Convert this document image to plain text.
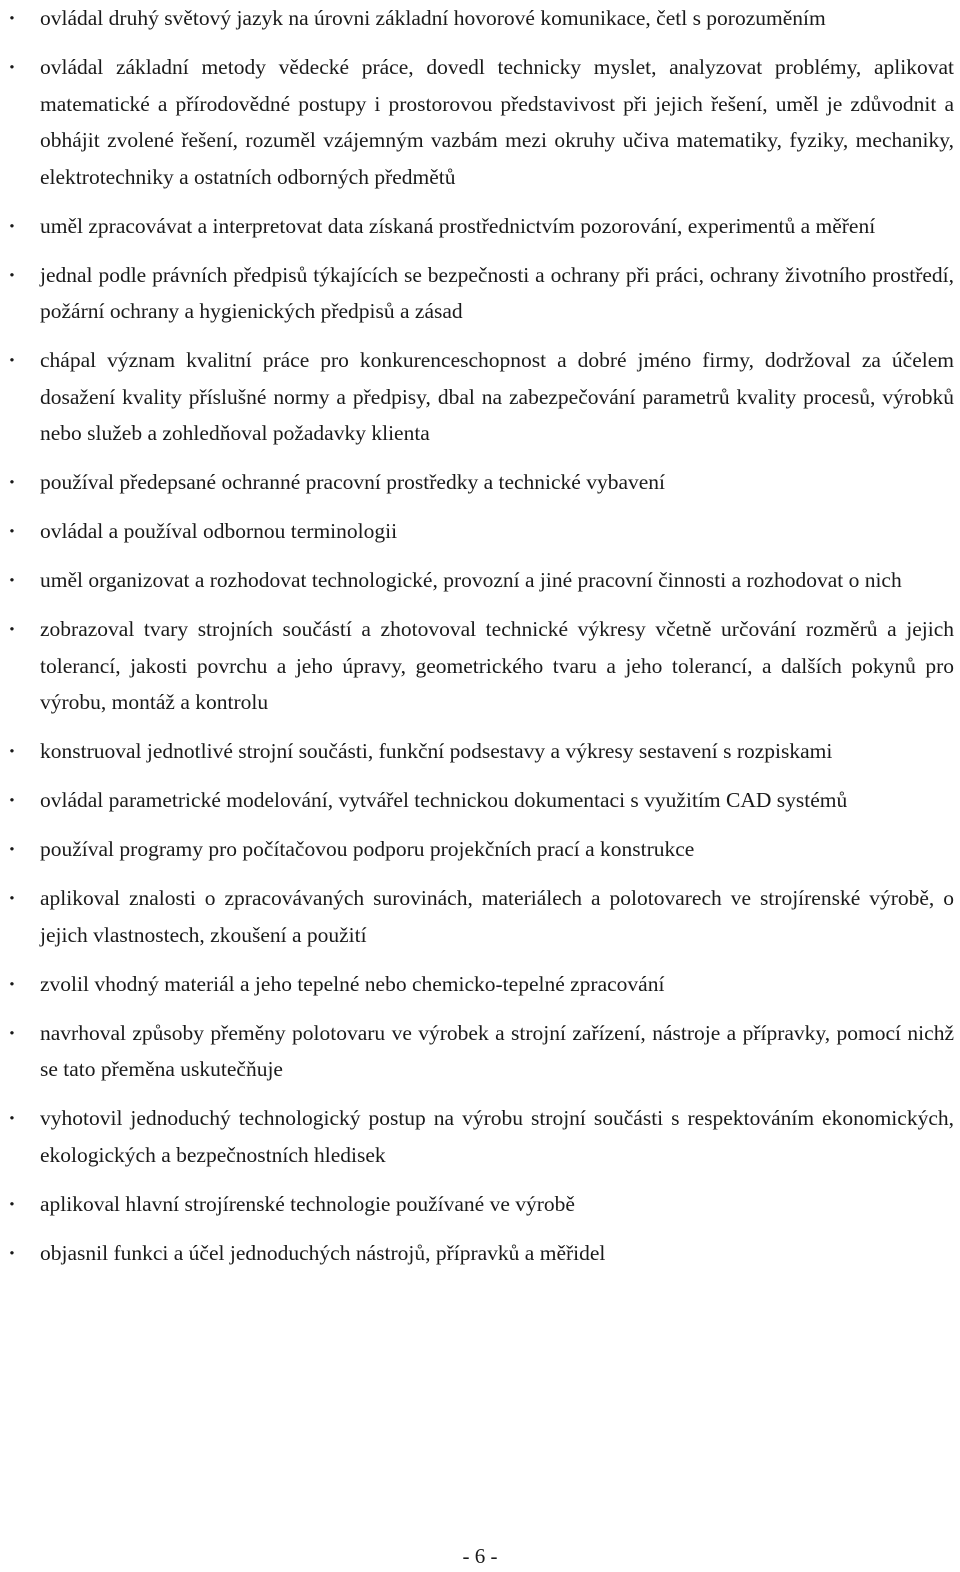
· ovládal druhý světový jazyk na úrovni základní hovorové komunikace, četl s porozuměním
· ovládal základní metody vědecké práce, dovedl technicky myslet, analyzovat problémy, aplikovat matematické a přírodovědné postupy i prostorovou představivost při jejich řešení, uměl je zdůvodnit a obhájit zvolené řešení, rozuměl vzájemným vazbám mezi okruhy učiva matematiky, fyziky, mechaniky, elektrotechniky a ostatních odborných předmětů
· uměl zpracovávat a interpretovat data získaná prostřednictvím pozorování, experimentů a měření
· jednal podle právních předpisů týkajících se bezpečnosti a ochrany při práci, ochrany životního prostředí, požární ochrany a hygienických předpisů a zásad
· chápal význam kvalitní práce pro konkurenceschopnost a dobré jméno firmy, dodržoval za účelem dosažení kvality příslušné normy a předpisy, dbal na zabezpečování parametrů kvality procesů, výrobků nebo služeb a zohledňoval požadavky klienta
· používal předepsané ochranné pracovní prostředky a technické vybavení
· ovládal a používal odbornou terminologii
· uměl organizovat a rozhodovat technologické, provozní a jiné pracovní činnosti a rozhodovat o nich
· zobrazoval tvary strojních součástí a zhotovoval technické výkresy včetně určování rozměrů a jejich tolerancí, jakosti povrchu a jeho úpravy, geometrického tvaru a jeho tolerancí, a dalších pokynů pro výrobu, montáž a kontrolu
· konstruoval jednotlivé strojní součásti, funkční podsestavy a výkresy sestavení s rozpiskami
· ovládal parametrické modelování, vytvářel technickou dokumentaci s využitím CAD systémů
· používal programy pro počítačovou podporu projekčních prací a konstrukce
· aplikoval znalosti o zpracovávaných surovinách, materiálech a polotovarech ve strojírenské výrobě, o jejich vlastnostech, zkoušení a použití
· zvolil vhodný materiál a jeho tepelné nebo chemicko-tepelné zpracování
· navrhoval způsoby přeměny polotovaru ve výrobek a strojní zařízení, nástroje a přípravky, pomocí nichž se tato přeměna uskutečňuje
· vyhotovil jednoduchý technologický postup na výrobu strojní součásti s respektováním ekonomických, ekologických a bezpečnostních hledisek
· aplikoval hlavní strojírenské technologie používané ve výrobě
· objasnil funkci a účel jednoduchých nástrojů, přípravků a měřidel
- 6 -
